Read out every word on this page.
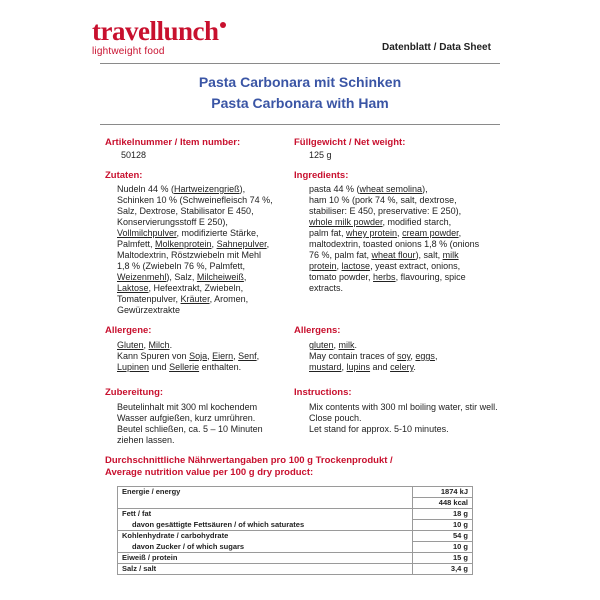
travellunch
lightweight food	Datenblatt / Data Sheet
Pasta Carbonara mit Schinken
Pasta Carbonara with Ham
Artikelnummer / Item number:
50128
Füllgewicht / Net weight:
125 g
Zutaten:
Nudeln 44 % (Hartweizengrieß),
Schinken 10 % (Schweinefleisch 74 %,
Salz, Dextrose, Stabilisator E 450,
Konservierungsstoff E 250),
Vollmilchpulver, modifizierte Stärke,
Palmfett, Molkenprotein, Sahnepulver,
Maltodextrin, Röstzwiebeln mit Mehl
1,8 % (Zwiebeln 76 %, Palmfett,
Weizenmehl), Salz, Milcheiweiß,
Laktose, Hefeextrakt, Zwiebeln,
Tomatenpulver, Kräuter, Aromen,
Gewürzextrakte
Ingredients:
pasta 44 % (wheat semolina),
ham 10 % (pork 74 %, salt, dextrose,
stabiliser: E 450, preservative: E 250),
whole milk powder, modified starch,
palm fat, whey protein, cream powder,
maltodextrin, toasted onions 1,8 % (onions
76 %, palm fat, wheat flour), salt, milk
protein, lactose, yeast extract, onions,
tomato powder, herbs, flavouring, spice
extracts.
Allergene:
Gluten, Milch.
Kann Spuren von Soja, Eiern, Senf,
Lupinen und Sellerie enthalten.
Allergens:
gluten, milk.
May contain traces of soy, eggs,
mustard, lupins and celery.
Zubereitung:
Beutelinhalt mit 300 ml kochendem
Wasser aufgießen, kurz umrühren.
Beutel schließen, ca. 5 – 10 Minuten
ziehen lassen.
Instructions:
Mix contents with 300 ml boiling water, stir well.
Close pouch.
Let stand for approx. 5-10 minutes.
Durchschnittliche Nährwertangaben pro 100 g Trockenprodukt /
Average nutrition value per 100 g dry product:
Energie / energy	1874 kJ
	448 kcal
Fett / fat	18 g
davon gesättigte Fettsäuren / of which saturates	10 g
Kohlenhydrate / carbohydrate	54 g
davon Zucker / of which sugars	10 g
Eiweiß / protein	15 g
Salz / salt	3,4 g
